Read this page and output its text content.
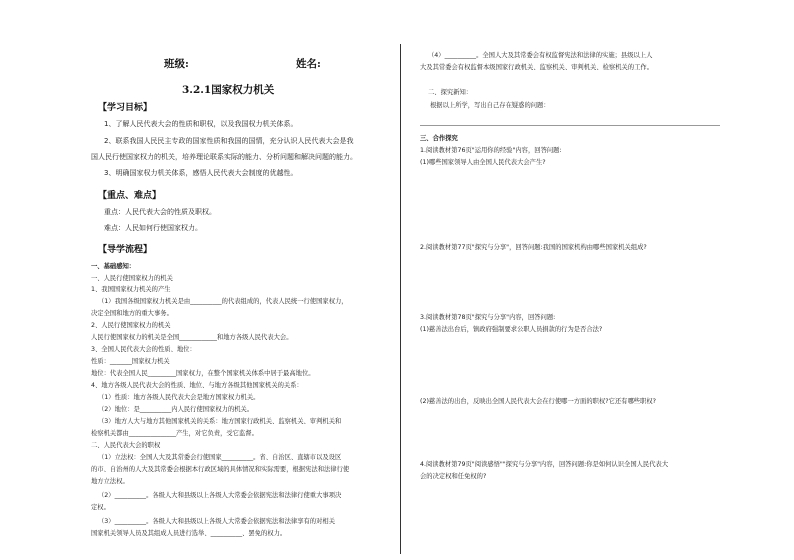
班级:	姓名:
3.2.1国家权力机关
【学习目标】
1、了解人民代表大会的性质和职权，以及我国权力机关体系。
2、联系我国人民民主专政的国家性质和我国的国情，充分认识人民代表大会是我
国人民行使国家权力的机关，培养理论联系实际的能力、分析问题和解决问题的能力。
3、明确国家权力机关体系，感悟人民代表大会制度的优越性。
【重点、难点】
重点：人民代表大会的性质及职权。
难点：人民如何行使国家权力。
【导学流程】
一、基础感知：
一、人民行使国家权力的机关
1、我国国家权力机关的产生
（1）我国各级国家权力机关是由__________的代表组成的，代表人民统一行使国家权力，
决定全国和地方的重大事务。
2、人民行使国家权力的机关
人民行使国家权力的机关是全国____________和地方各级人民代表大会。
3、全国人民代表大会的性质、地位：
性质：_______国家权力机关
地位：代表全国人民_________国家权力，在整个国家机关体系中居于最高地位。
4、地方各级人民代表大会的性质、地位、与地方各级其他国家机关的关系：
（1）性质：地方各级人民代表大会是地方国家权力机关。
（2）地位：是__________内人民行使国家权力的机关。
（3）地方人大与地方其他国家机关的关系：地方国家行政机关、监察机关、审判机关和
检察机关都由_______________产生，对它负责，受它监督。
二、人民代表大会的职权
（1）立法权：全国人大及其常委会行使国家__________。省、自治区、直辖市以及设区
的市、自治州的人大及其常委会根据本行政区域的具体情况和实际需要，根据宪法和法律行使
地方立法权。
（2）__________。各级人大和县级以上各级人大常委会依据宪法和法律行使重大事项决
定权。
（3）__________。各级人大和县级以上各级人大常委会依据宪法和法律享有的对相关
国家机关领导人员及其组成人员进行选举、__________、罢免的权力。
（4）__________。全国人大及其常委会有权监督宪法和法律的实施；县级以上人
大及其常委会有权监督本级国家行政机关、监察机关、审判机关、检察机关的工作。
二、探究新知：
根据以上所学，写出自己存在疑惑的问题：
三、合作探究
1.阅读教材第76页"运用你的经验"内容，回答问题:
(1)哪些国家领导人由全国人民代表大会产生?
2.阅读教材第77页"探究与分享"，回答问题:我国的国家机构由哪些国家机关组成?
3.阅读教材第78页"探究与分享"内容，回答问题:
(1)慈善法出台后，镇政府强制要求公职人员捐款的行为是否合法?
(2)慈善法的出台，反映出全国人民代表大会在行使哪一方面的职权?它还有哪些职权?
4.阅读教材第79页"阅读感悟""探究与分享"内容，回答问题:你是如何认识全国人民代表大
会的决定权和任免权的?
